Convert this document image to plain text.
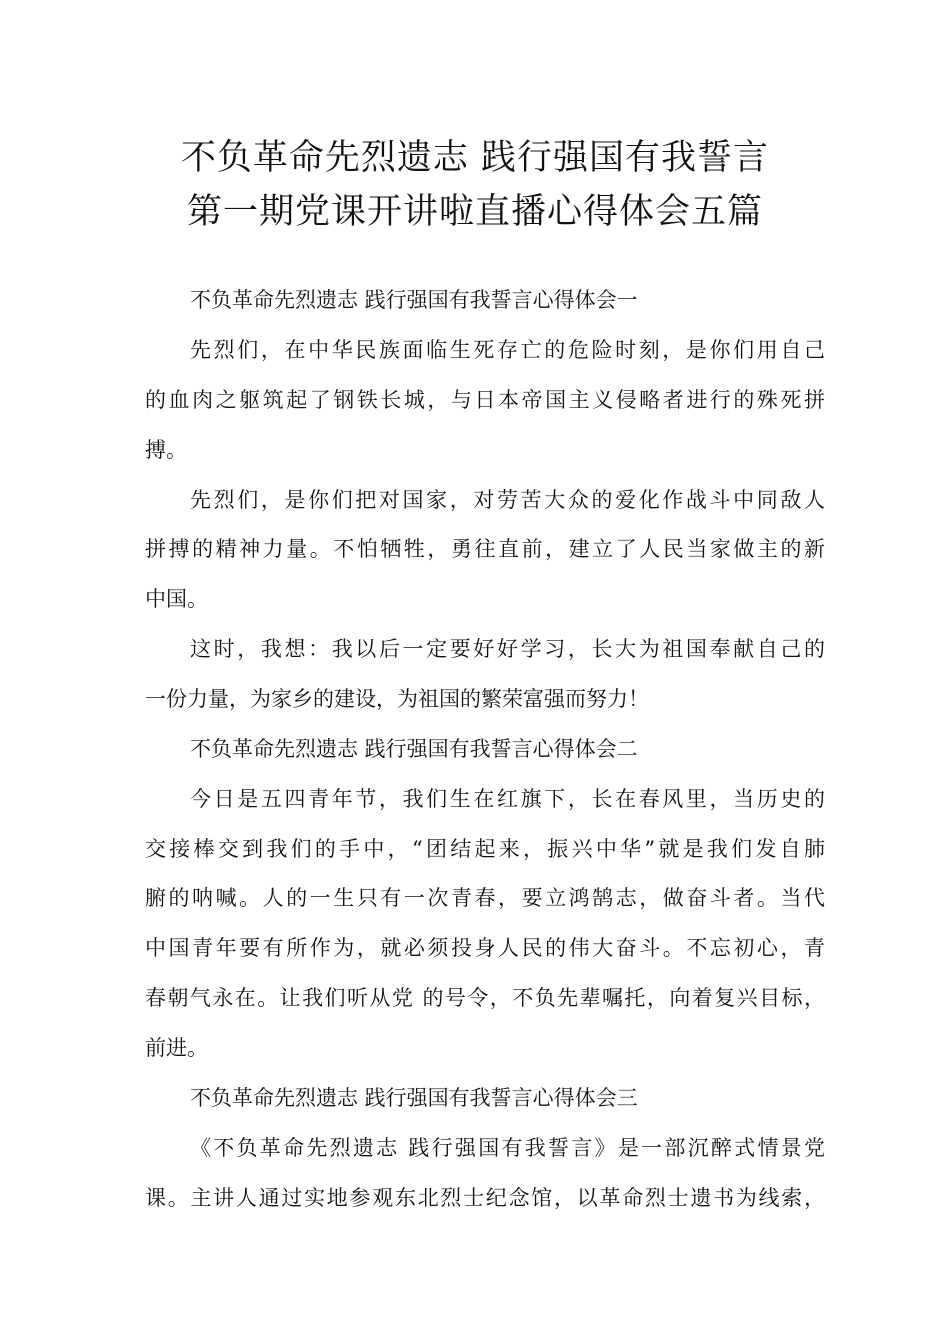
不负革命先烈遗志 践行强国有我誓言
第一期党课开讲啦直播心得体会五篇
不负革命先烈遗志 践行强国有我誓言心得体会一
先烈们，在中华民族面临生死存亡的危险时刻，是你们用自己
的血肉之躯筑起了钢铁长城，与日本帝国主义侵略者进行的殊死拼
搏。
先烈们，是你们把对国家，对劳苦大众的爱化作战斗中同敌人
拼搏的精神力量。不怕牺牲，勇往直前，建立了人民当家做主的新
中国。
这时，我想：我以后一定要好好学习，长大为祖国奉献自己的
一份力量，为家乡的建设，为祖国的繁荣富强而努力！
不负革命先烈遗志 践行强国有我誓言心得体会二
今日是五四青年节，我们生在红旗下，长在春风里，当历史的
交接棒交到我们的手中，“团结起来，振兴中华”就是我们发自肺
腑的呐喊。人的一生只有一次青春，要立鸿鹄志，做奋斗者。当代
中国青年要有所作为，就必须投身人民的伟大奋斗。不忘初心，青
春朝气永在。让我们听从党 的号令，不负先辈嘱托，向着复兴目标，
前进。
不负革命先烈遗志 践行强国有我誓言心得体会三
《不负革命先烈遗志 践行强国有我誓言》是一部沉醉式情景党
课。主讲人通过实地参观东北烈士纪念馆，以革命烈士遗书为线索，
